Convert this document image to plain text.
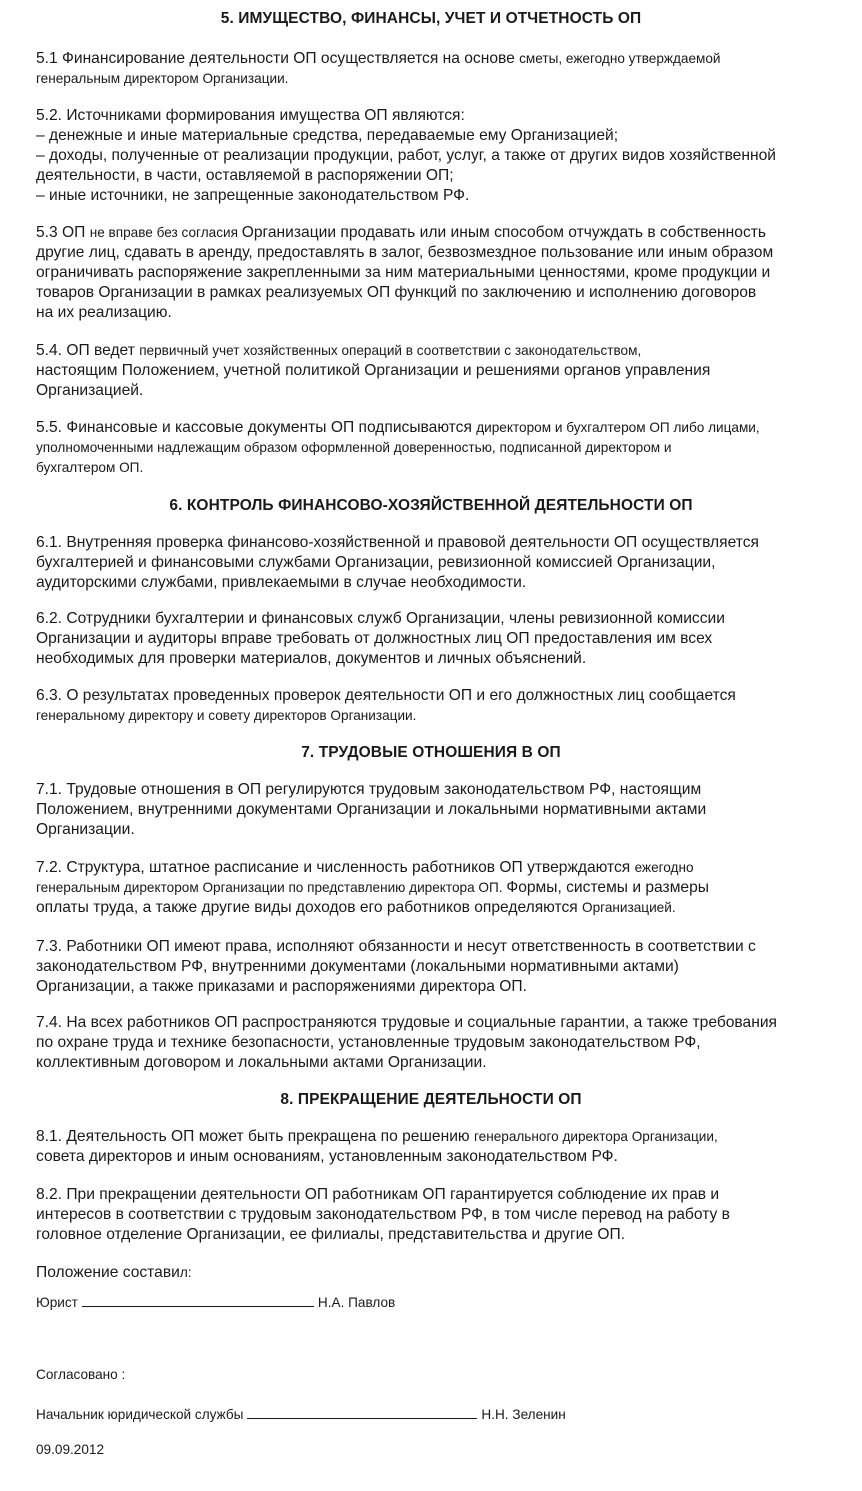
5. ИМУЩЕСТВО, ФИНАНСЫ, УЧЕТ И ОТЧЕТНОСТЬ ОП
5.1 Финансирование деятельности ОП осуществляется на основе сметы, ежегодно утверждаемой
генеральным директором Организации.
5.2. Источниками формирования имущества ОП являются:
– денежные и иные материальные средства, передаваемые ему Организацией;
– доходы, полученные от реализации продукции, работ, услуг, а также от других видов хозяйственной
деятельности, в части, оставляемой в распоряжении ОП;
– иные источники, не запрещенные законодательством РФ.
5.3 ОП не вправе без согласия Организации продавать или иным способом отчуждать в собственность
другие лиц, сдавать в аренду, предоставлять в залог, безвозмездное пользование или иным образом
ограничивать распоряжение закрепленными за ним материальными ценностями, кроме продукции и
товаров Организации в рамках реализуемых ОП функций по заключению и исполнению договоров
на их реализацию.
5.4. ОП ведет первичный учет хозяйственных операций в соответствии с законодательством,
настоящим Положением, учетной политикой Организации и решениями органов управления
Организацией.
5.5. Финансовые и кассовые документы ОП подписываются директором и бухгалтером ОП либо лицами,
уполномоченными надлежащим образом оформленной доверенностью, подписанной директором и
бухгалтером ОП.
6. КОНТРОЛЬ ФИНАНСОВО-ХОЗЯЙСТВЕННОЙ ДЕЯТЕЛЬНОСТИ ОП
6.1. Внутренняя проверка финансово-хозяйственной и правовой деятельности ОП осуществляется
бухгалтерией и финансовыми службами Организации, ревизионной комиссией Организации,
аудиторскими службами, привлекаемыми в случае необходимости.
6.2. Сотрудники бухгалтерии и финансовых служб Организации, члены ревизионной комиссии
Организации и аудиторы вправе требовать от должностных лиц ОП предоставления им всех
необходимых для проверки материалов, документов и личных объяснений.
6.3. О результатах проведенных проверок деятельности ОП и его должностных лиц сообщается
генеральному директору и совету директоров Организации.
7. ТРУДОВЫЕ ОТНОШЕНИЯ В ОП
7.1. Трудовые отношения в ОП регулируются трудовым законодательством РФ, настоящим
Положением, внутренними документами Организации и локальными нормативными актами
Организации.
7.2. Структура, штатное расписание и численность работников ОП утверждаются ежегодно
генеральным директором Организации по представлению директора ОП. Формы, системы и размеры
оплаты труда, а также другие виды доходов его работников определяются Организацией.
7.3. Работники ОП имеют права, исполняют обязанности и несут ответственность в соответствии с
законодательством РФ, внутренними документами (локальными нормативными актами)
Организации, а также приказами и распоряжениями директора ОП.
7.4. На всех работников ОП распространяются трудовые и социальные гарантии, а также требования
по охране труда и технике безопасности, установленные трудовым законодательством РФ,
коллективным договором и локальными актами Организации.
8. ПРЕКРАЩЕНИЕ ДЕЯТЕЛЬНОСТИ ОП
8.1. Деятельность ОП может быть прекращена по решению генерального директора Организации,
совета директоров и иным основаниям, установленным законодательством РФ.
8.2. При прекращении деятельности ОП работникам ОП гарантируется соблюдение их прав и
интересов в соответствии с трудовым законодательством РФ, в том числе перевод на работу в
головное отделение Организации, ее филиалы, представительства и другие ОП.
Положение составил:
Юрист	Н.А. Павлов
Согласовано :
Начальник юридической службы	Н.Н. Зеленин
09.09.2012
